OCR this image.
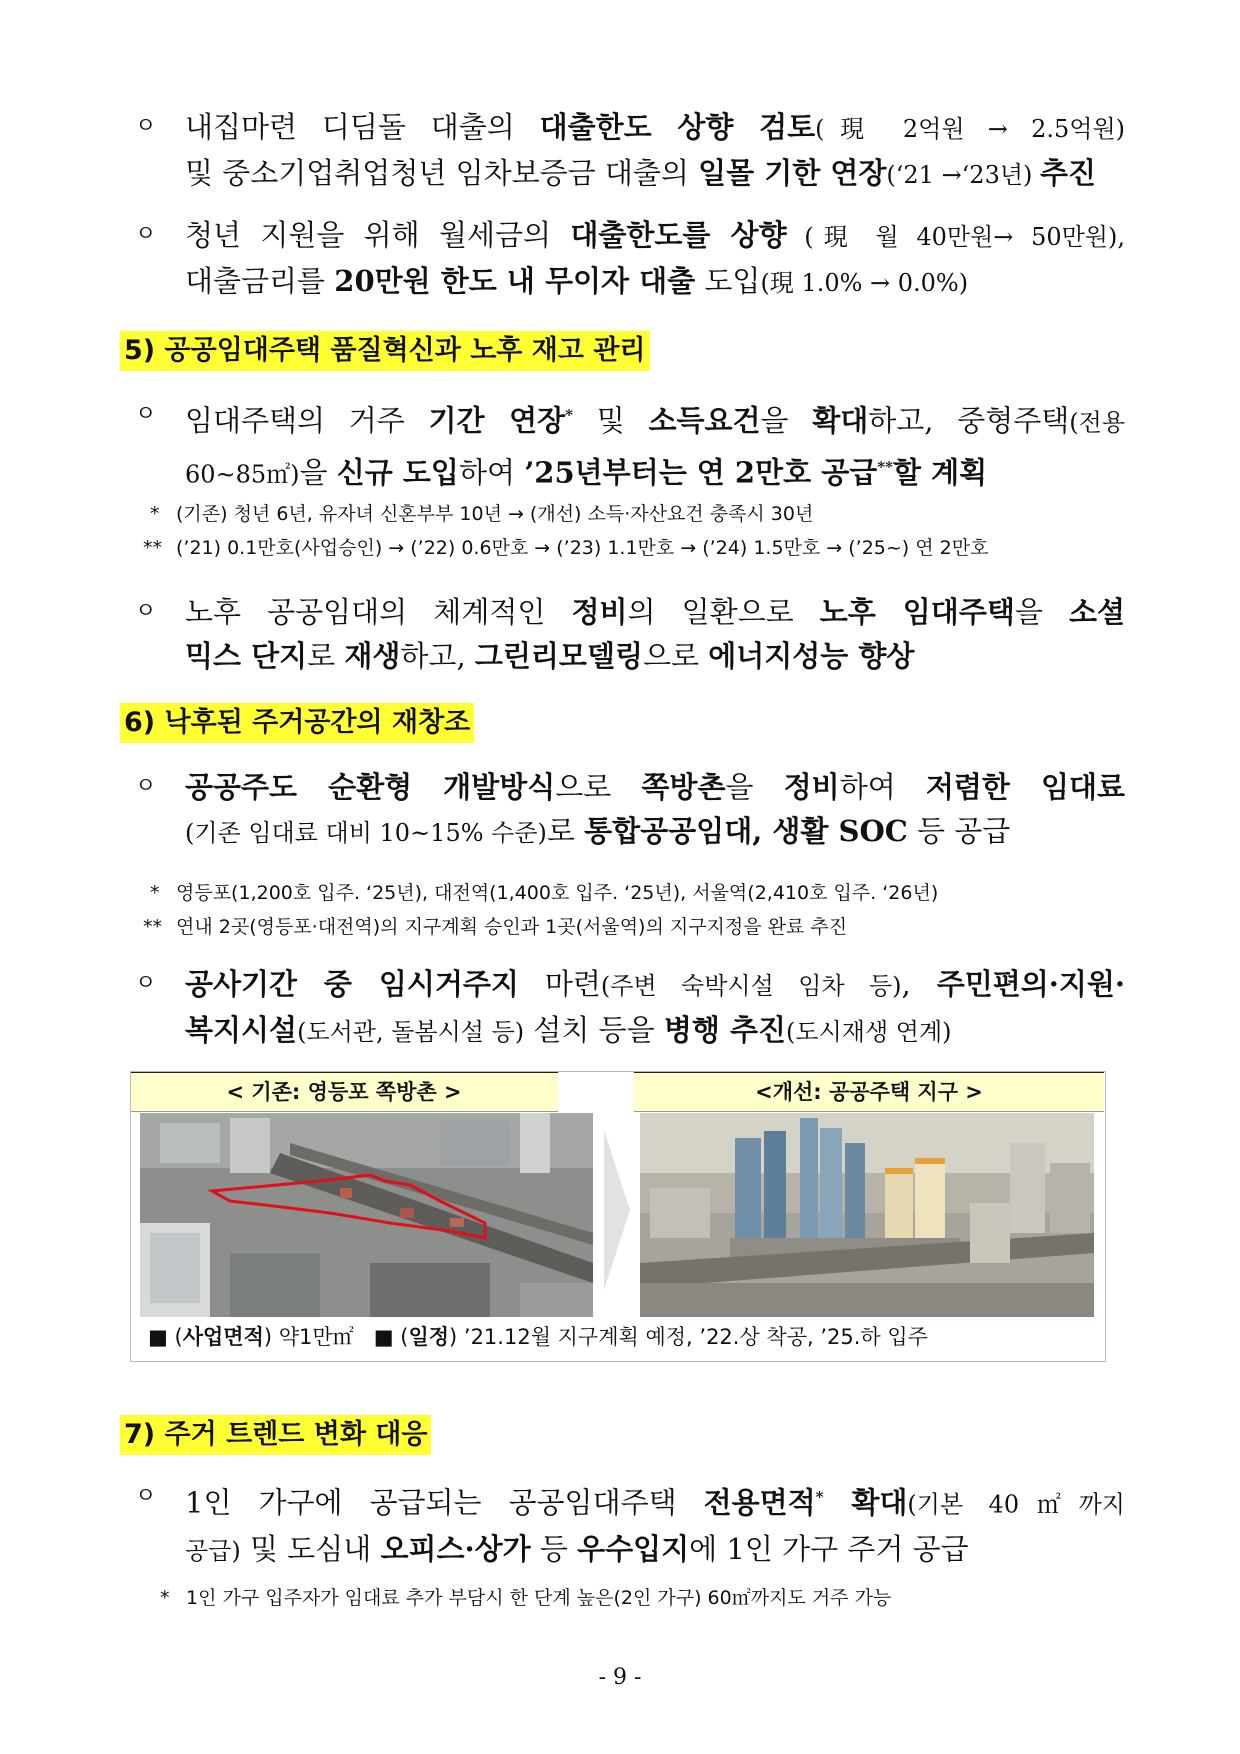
ㅇ 내집마련 디딤돌 대출의 대출한도 상향 검토(現 2억원 → 2.5억원)
및 중소기업취업청년 임차보증금 대출의 일몰 기한 연장(‘21 →‘23년) 추진
ㅇ 청년 지원을 위해 월세금의 대출한도를 상향 (現 월 40만원→ 50만원),
대출금리를 20만원 한도 내 무이자 대출 도입(現 1.0% → 0.0%)
5) 공공임대주택 품질혁신과 노후 재고 관리
ㅇ 임대주택의 거주 기간 연장* 및 소득요건을 확대하고, 중형주택(전용
60~85㎡)을 신규 도입하여 ’25년부터는 연 2만호 공급**할 계획
* (기존) 청년 6년, 유자녀 신혼부부 10년 → (개선) 소득·자산요건 충족시 30년
** (’21) 0.1만호(사업승인) → (’22) 0.6만호 → (’23) 1.1만호 → (’24) 1.5만호 → (’25~) 연 2만호
ㅇ 노후 공공임대의 체계적인 정비의 일환으로 노후 임대주택을 소셜
믹스 단지로 재생하고, 그린리모델링으로 에너지성능 향상
6) 낙후된 주거공간의 재창조
ㅇ 공공주도 순환형 개발방식으로 쪽방촌을 정비하여 저렴한 임대료
(기존 임대료 대비 10~15% 수준)로 통합공공임대, 생활 SOC 등 공급
* 영등포(1,200호 입주. ‘25년), 대전역(1,400호 입주. ‘25년), 서울역(2,410호 입주. ‘26년)
** 연내 2곳(영등포·대전역)의 지구계획 승인과 1곳(서울역)의 지구지정을 완료 추진
ㅇ 공사기간 중 임시거주지 마련(주변 숙박시설 임차 등), 주민편의·지원·
복지시설(도서관, 돌봄시설 등) 설치 등을 병행 추진(도시재생 연계)
< 기존: 영등포 쪽방촌 >	<개선: 공공주택 지구 >
■ (사업면적) 약1만㎡ ■ (일정) ’21.12월 지구계획 예정, ’22.상 착공, ’25.하 입주
7) 주거 트렌드 변화 대응
ㅇ 1인 가구에 공급되는 공공임대주택 전용면적* 확대(기본 40㎡까지
공급) 및 도심내 오피스·상가 등 우수입지에 1인 가구 주거 공급
* 1인 가구 입주자가 임대료 추가 부담시 한 단계 높은(2인 가구) 60㎡까지도 거주 가능
- 9 -
